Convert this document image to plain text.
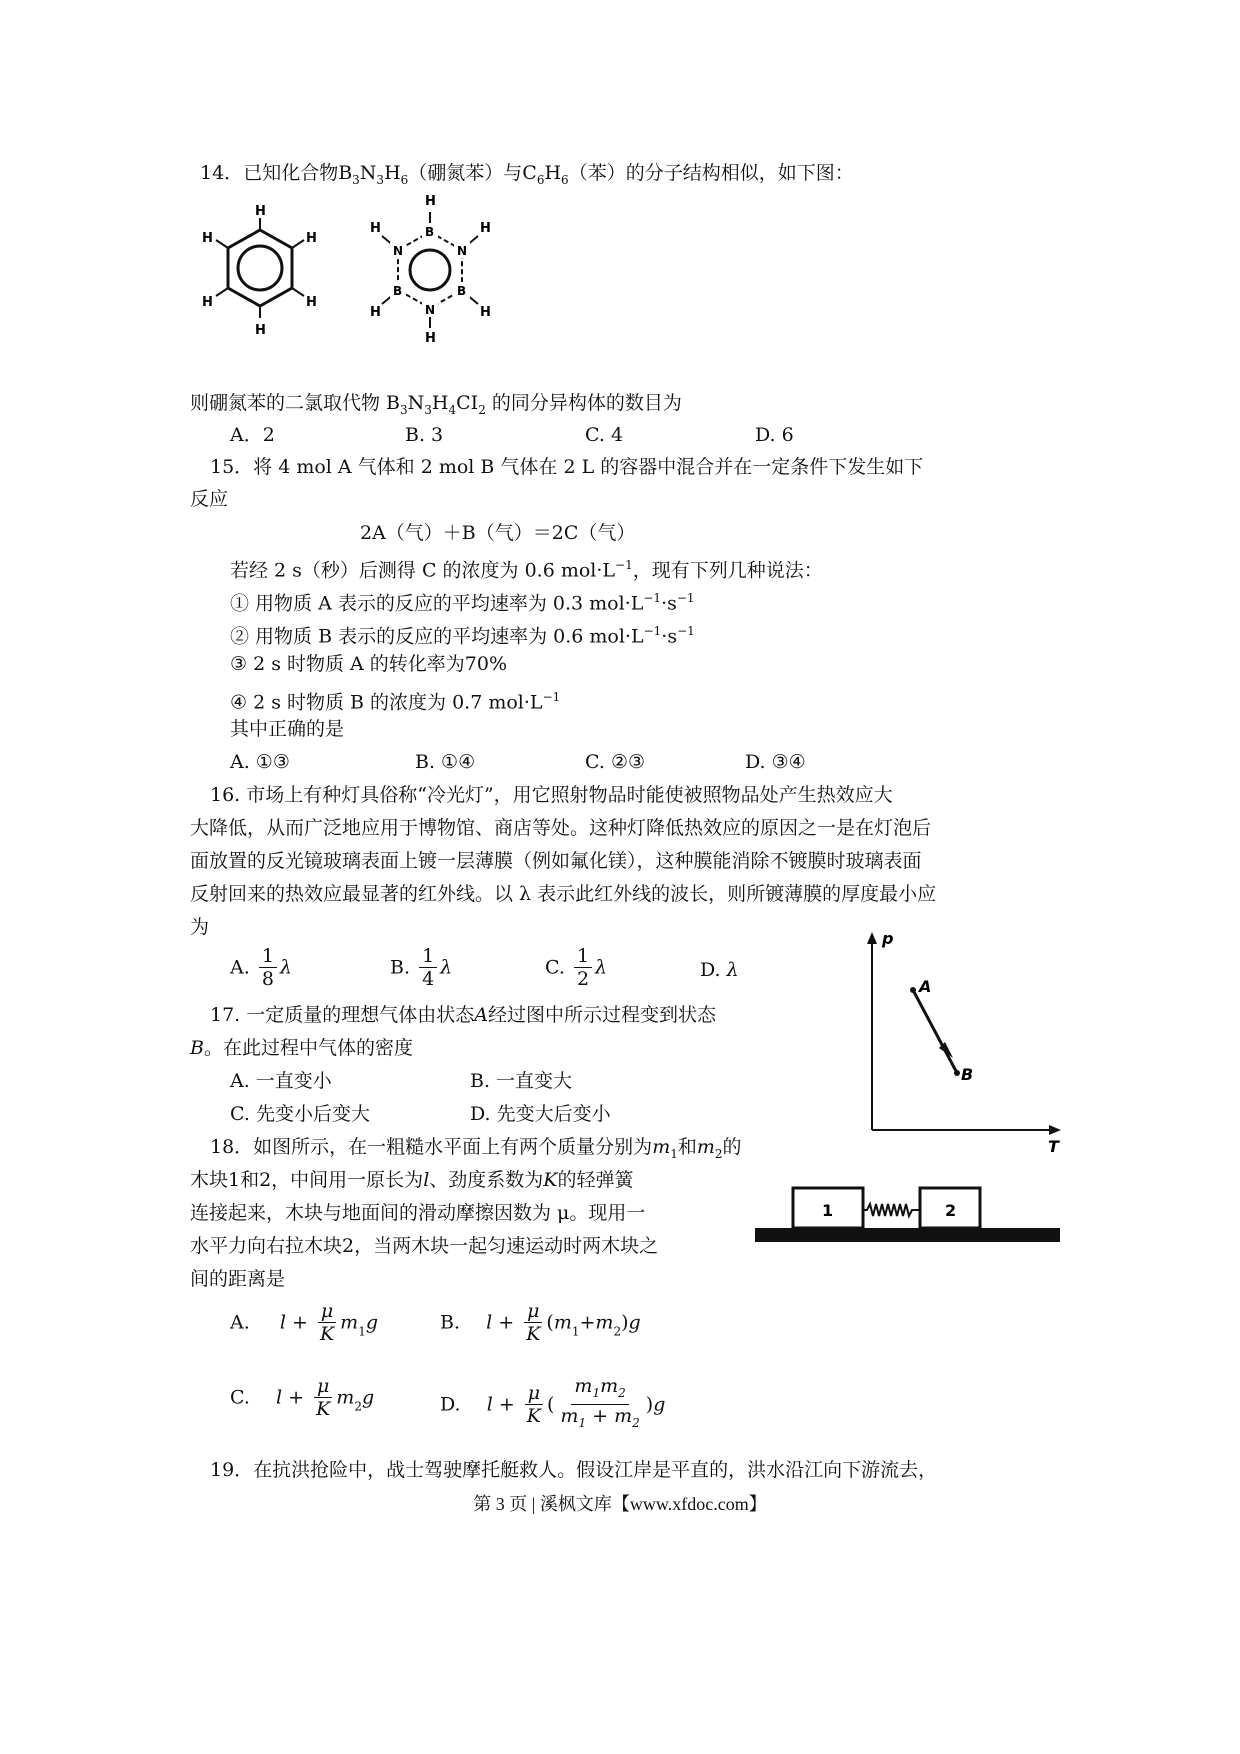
14．已知化合物$B_3N_3H_6$（硼氮苯）与$C_6H_6$（苯）的分子结构相似，如下图：
H
H
H
H
H
H
H
H
H
H
H
H	B
N
B
N
B
N
则硼氮苯的二氯取代物 $B_3N_3H_4CI_2$ 的同分异构体的数目为
A．2	B. 3	C. 4	D. 6
15．将 4 mol A 气体和 2 mol B 气体在 2 L 的容器中混合并在一定条件下发生如下
反应
2A（气）＋B（气）＝2C（气）
若经 2 s（秒）后测得 C 的浓度为 0.6 $mol\cdot L^{-1}$，现有下列几种说法：
① 用物质 A 表示的反应的平均速率为 0.3 $mol\cdot L^{-1}\cdot s^{-1}$
② 用物质 B 表示的反应的平均速率为 0.6 $mol\cdot L^{-1}\cdot s^{-1}$
③ 2 s 时物质 A 的转化率为70%
④ 2 s 时物质 B 的浓度为 0.7 $mol\cdot L^{-1}$
其中正确的是
A. ①③	B. ①④	C. ②③	D. ③④
16. 市场上有种灯具俗称“冷光灯”，用它照射物品时能使被照物品处产生热效应大
大降低，从而广泛地应用于博物馆、商店等处。这种灯降低热效应的原因之一是在灯泡后
面放置的反光镜玻璃表面上镀一层薄膜（例如氟化镁），这种膜能消除不镀膜时玻璃表面
反射回来的热效应最显著的红外线。以 λ 表示此红外线的波长，则所镀薄膜的厚度最小应
为
A. $\frac{1}{8}$ λ	B. $\frac{1}{4}$ λ	C. $\frac{1}{2}$ λ	D. λ
p
T
A
B
17. 一定质量的理想气体由状态A经过图中所示过程变到状态
B。在此过程中气体的密度
A. 一直变小	B. 一直变大
C. 先变小后变大	D. 先变大后变小
18．如图所示，在一粗糙水平面上有两个质量分别为$m_1$和$m_2$的
木块1和2，中间用一原长为l、劲度系数为K的轻弹簧
连接起来，木块与地面间的滑动摩擦因数为 μ。现用一
水平力向右拉木块2，当两木块一起匀速运动时两木块之
间的距离是
1	2
A. $l + \frac{\mu}{K} m_1g$	B. $l + \frac{\mu}{K} (m_1+m_2)g$
C. $l + \frac{\mu}{K} m_2g$	D. $l + \frac{\mu}{K}$ ( $\frac{m_1m_2}{m_1 + m_2} )g$
19．在抗洪抢险中，战士驾驶摩托艇救人。假设江岸是平直的，洪水沿江向下游流去，
第 3 页 | 溪枫文库【www.xfdoc.com】
